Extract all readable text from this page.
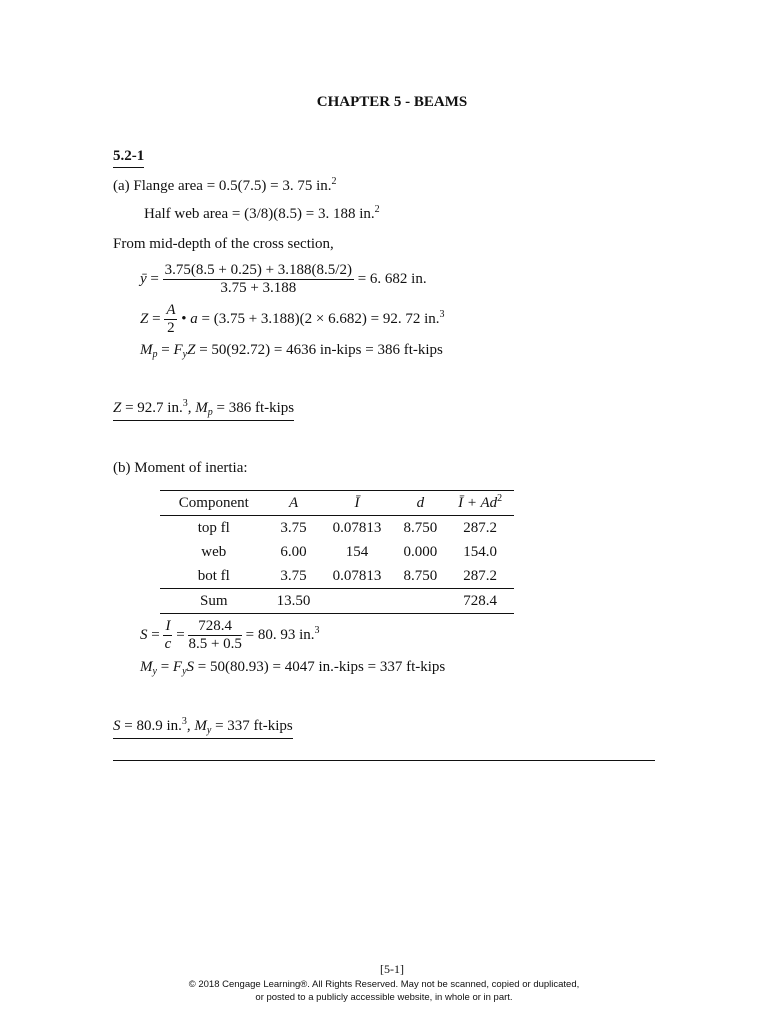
CHAPTER 5 - BEAMS
5.2-1
(a) Flange area = 0.5(7.5) = 3. 75 in.$^2$
Half web area = (3/8)(8.5) = 3. 188 in.$^2$
From mid-depth of the cross section,
ȳ = $\frac{3.75(8.5 + 0.25) + 3.188(8.5/2)}{3.75 + 3.188} = 6$. 682 in.
$Z = \frac{A}{2}$ • a = (3.75 + 3.188)(2 × 6.682) = 92. 72 in.$^3$
$M_p = F_yZ = 50(92.72) = 4636$ in-kips = 386 ft-kips
Z = 92.7 in.$^3$, $M_p = 386$ ft-kips
(b) Moment of inertia:
Component	A	Ī	d	Ī + $Ad^2$
top fl	3.75	0.07813	8.750	287.2
web	6.00	154	0.000	154.0
bot fl	3.75	0.07813	8.750	287.2
Sum	13.50			728.4
$S = \frac{I}{c} = \frac{728.4}{8.5 + 0.5} = 80$. 93 in.$^3$
$M_y = F_yS = 50(80.93) = 4047$ in.-kips = 337 ft-kips
S = 80.9 in.$^3$, $M_y = 337$ ft-kips
[5-1]
© 2018 Cengage Learning®. All Rights Reserved. May not be scanned, copied or duplicated,
or posted to a publicly accessible website, in whole or in part.
